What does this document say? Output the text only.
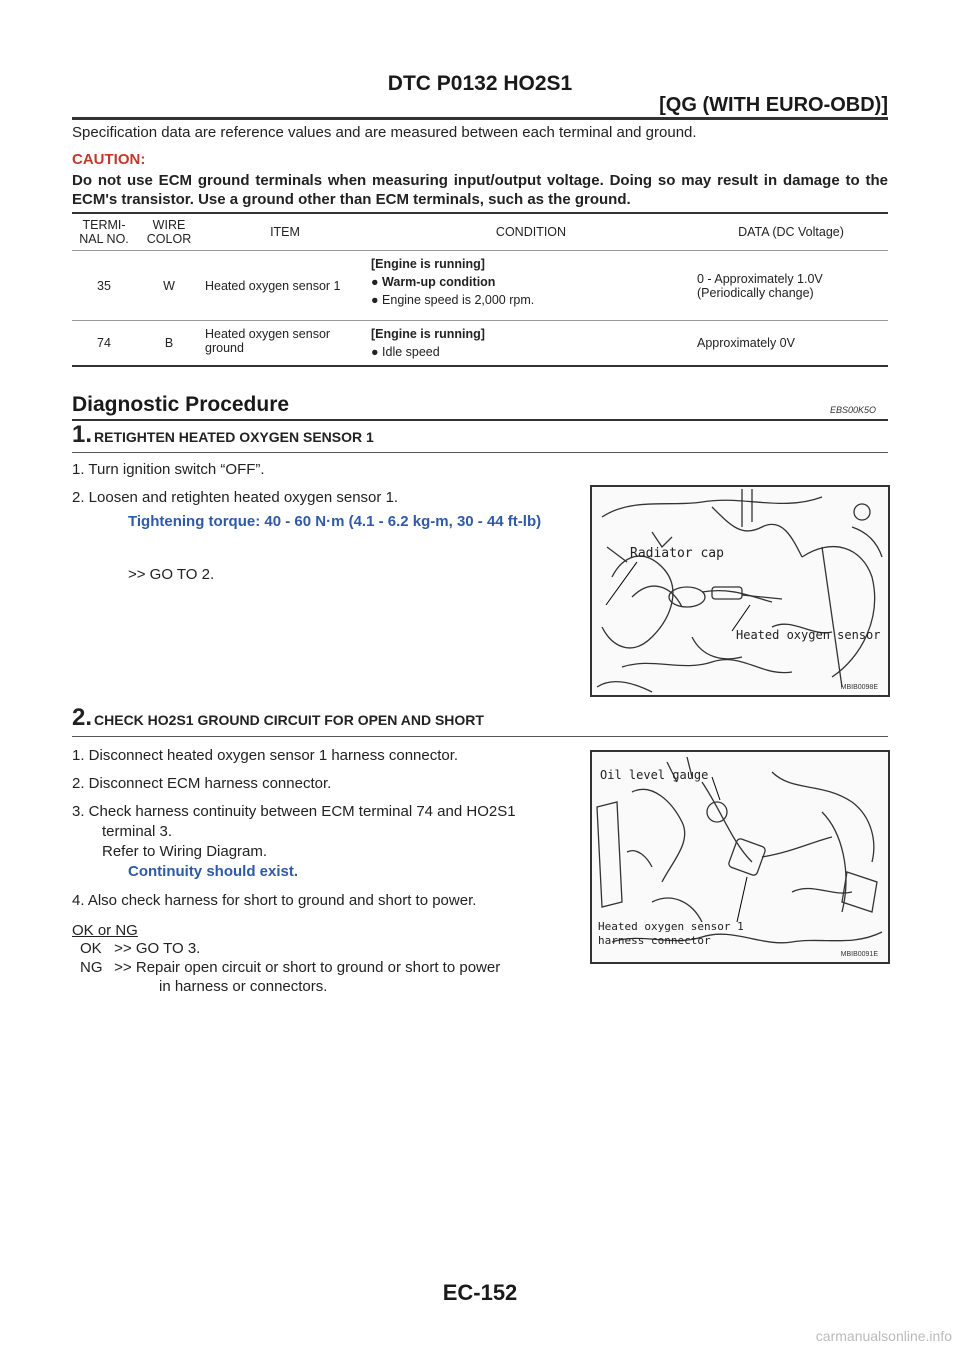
DTC P0132 HO2S1
[QG (WITH EURO-OBD)]
Specification data are reference values and are measured between each terminal and ground.
CAUTION:
Do not use ECM ground terminals when measuring input/output voltage. Doing so may result in damage to the ECM's transistor. Use a ground other than ECM terminals, such as the ground.
TERMI-NAL NO.	WIRE COLOR	ITEM	CONDITION	DATA (DC Voltage)
35	W	Heated oxygen sensor 1	[Engine is running]
● Warm-up condition
● Engine speed is 2,000 rpm.	0 - Approximately 1.0V (Periodically change)
74	B	Heated oxygen sensor ground	[Engine is running]
● Idle speed	Approximately 0V
Diagnostic Procedure	EBS00K5O
1. RETIGHTEN HEATED OXYGEN SENSOR 1
1. Turn ignition switch “OFF”.
2. Loosen and retighten heated oxygen sensor 1.
Tightening torque: 40 - 60 N·m (4.1 - 6.2 kg-m, 30 - 44 ft-lb)
>> GO TO 2.
Radiator cap
Heated oxygen sensor 1
MBIB0098E
2. CHECK HO2S1 GROUND CIRCUIT FOR OPEN AND SHORT
1. Disconnect heated oxygen sensor 1 harness connector.
2. Disconnect ECM harness connector.
3. Check harness continuity between ECM terminal 74 and HO2S1
terminal 3.
Refer to Wiring Diagram.
Continuity should exist.
4. Also check harness for short to ground and short to power.
OK or NG
OK >> GO TO 3.
NG >> Repair open circuit or short to ground or short to power
in harness or connectors.
Oil level gauge
Heated oxygen sensor 1
harness connector
MBIB0091E
EC-152
carmanualsonline.info
